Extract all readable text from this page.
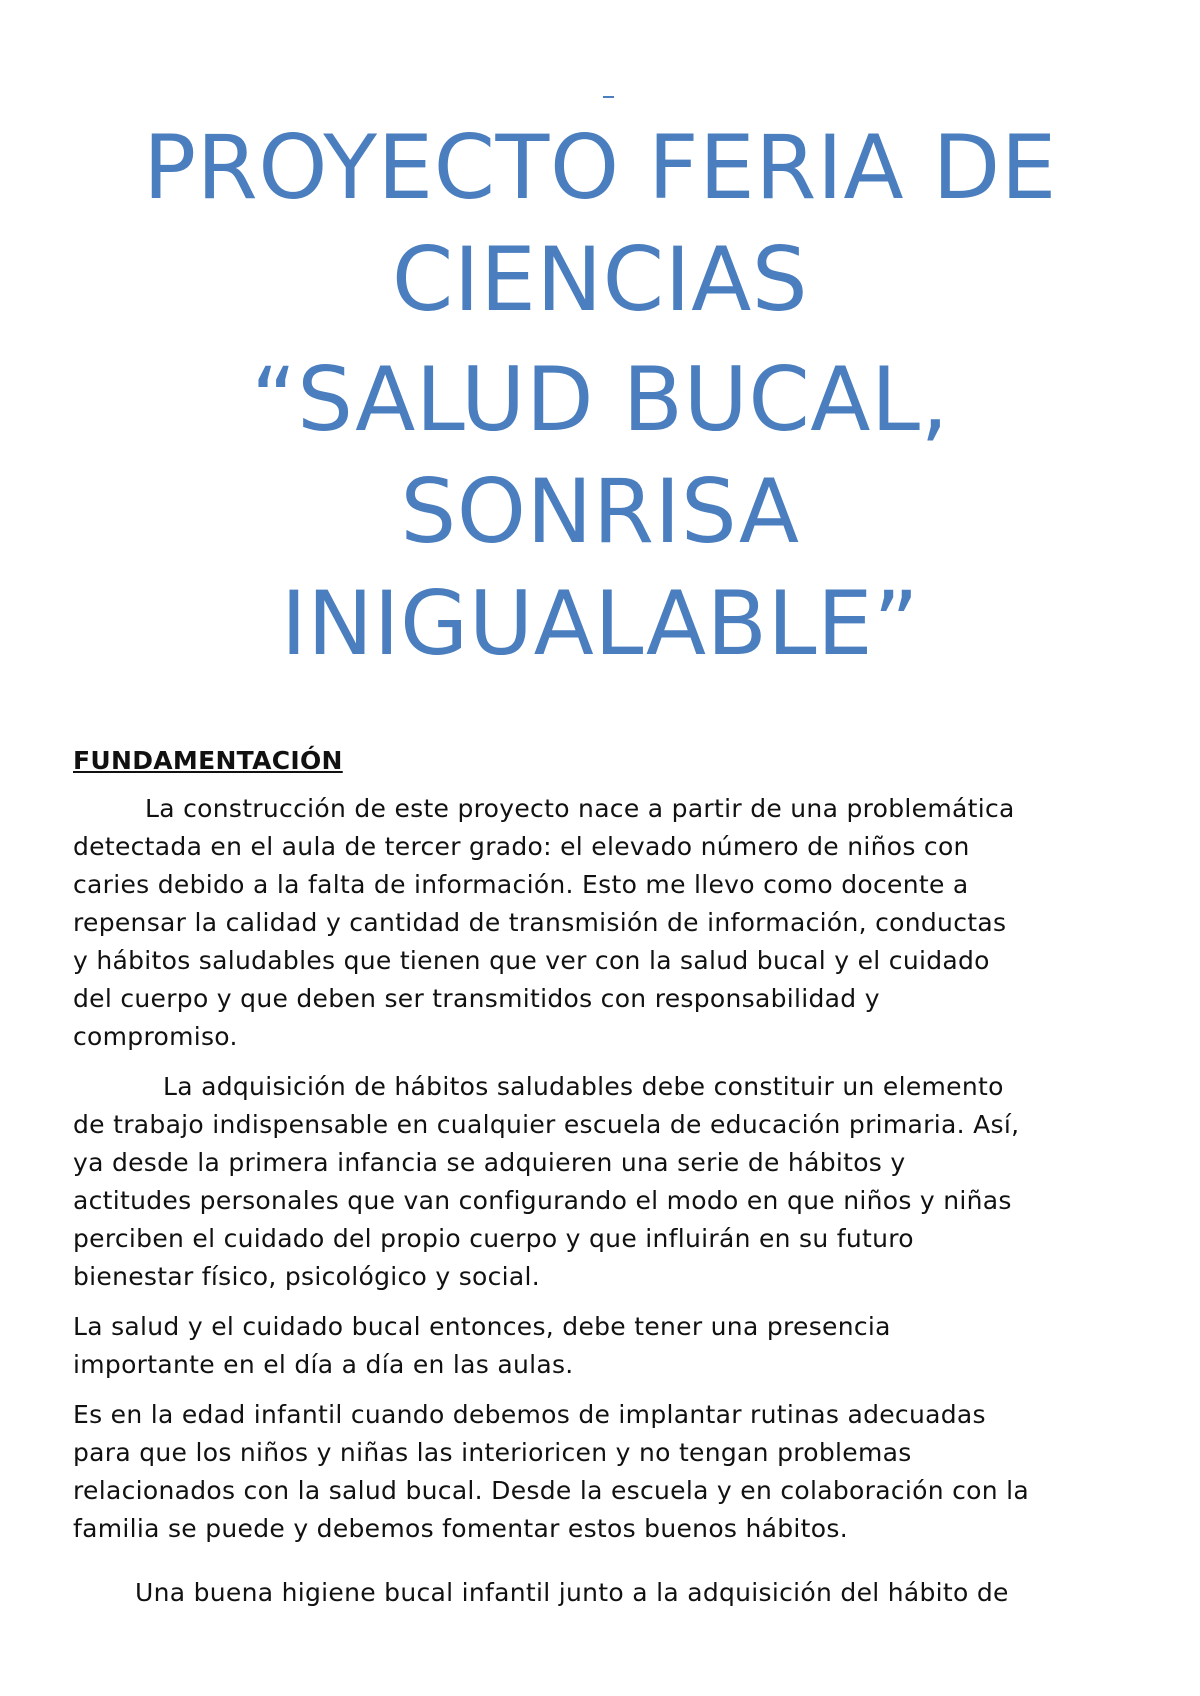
PROYECTO FERIA DE
CIENCIAS
“SALUD BUCAL,
SONRISA
INIGUALABLE”
FUNDAMENTACIÓN
La construcción de este proyecto nace a partir de una problemática
detectada en el aula de tercer grado: el elevado número de niños con
caries debido a la falta de información. Esto me llevo como docente a
repensar la calidad y cantidad de transmisión de información, conductas
y hábitos saludables que tienen que ver con la salud bucal y el cuidado
del cuerpo y que deben ser transmitidos con responsabilidad y
compromiso.
La adquisición de hábitos saludables debe constituir un elemento
de trabajo indispensable en cualquier escuela de educación primaria. Así,
ya desde la primera infancia se adquieren una serie de hábitos y
actitudes personales que van configurando el modo en que niños y niñas
perciben el cuidado del propio cuerpo y que influirán en su futuro
bienestar físico, psicológico y social.
La salud y el cuidado bucal entonces, debe tener una presencia
importante en el día a día en las aulas.
Es en la edad infantil cuando debemos de implantar rutinas adecuadas
para que los niños y niñas las interioricen y no tengan problemas
relacionados con la salud bucal. Desde la escuela y en colaboración con la
familia se puede y debemos fomentar estos buenos hábitos.
Una buena higiene bucal infantil junto a la adquisición del hábito de
